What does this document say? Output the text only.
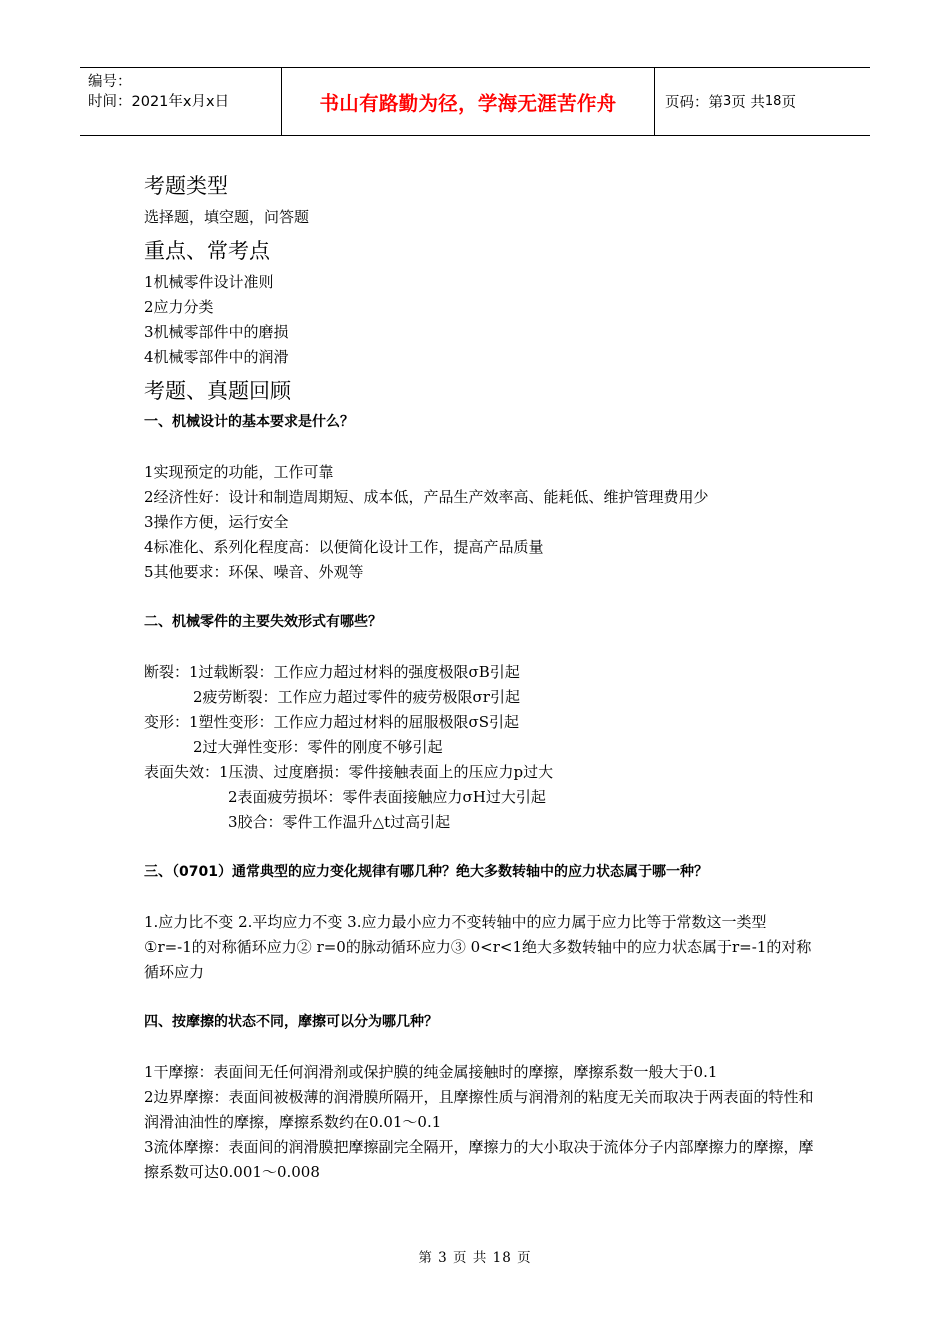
编号：
时间：2021年x月x日	书山有路勤为径，学海无涯苦作舟	页码：第 3 页 共 18 页
考题类型

选择题，填空题，问答题

重点、常考点

1机械零件设计准则

2应力分类

3机械零部件中的磨损

4机械零部件中的润滑

考题、真题回顾

一、机械设计的基本要求是什么？

1实现预定的功能，工作可靠

2经济性好：设计和制造周期短、成本低，产品生产效率高、能耗低、维护管理费用少

3操作方便，运行安全

4标准化、系列化程度高：以便简化设计工作，提高产品质量

5其他要求：环保、噪音、外观等

二、机械零件的主要失效形式有哪些？

断裂：1过载断裂：工作应力超过材料的强度极限σB引起

2疲劳断裂：工作应力超过零件的疲劳极限σr引起

变形：1塑性变形：工作应力超过材料的屈服极限σS引起

2过大弹性变形：零件的刚度不够引起

表面失效：1压溃、过度磨损：零件接触表面上的压应力p过大

2表面疲劳损坏：零件表面接触应力σH过大引起

3胶合：零件工作温升△t过高引起

三、（0701）通常典型的应力变化规律有哪几种？绝大多数转轴中的应力状态属于哪一种？

1.应力比不变 2.平均应力不变 3.应力最小应力不变转轴中的应力属于应力比等于常数这一类型

①r=-1的对称循环应力② r=0的脉动循环应力③ 0<r<1绝大多数转轴中的应力状态属于r=-1的对称循环应力

四、按摩擦的状态不同，摩擦可以分为哪几种？

1干摩擦：表面间无任何润滑剂或保护膜的纯金属接触时的摩擦，摩擦系数一般大于0.1

2边界摩擦：表面间被极薄的润滑膜所隔开，且摩擦性质与润滑剂的粘度无关而取决于两表面的特性和润滑油油性的摩擦，摩擦系数约在0.01～0.1

3流体摩擦：表面间的润滑膜把摩擦副完全隔开，摩擦力的大小取决于流体分子内部摩擦力的摩擦，摩擦系数可达0.001～0.008

第 3 页 共 18 页
